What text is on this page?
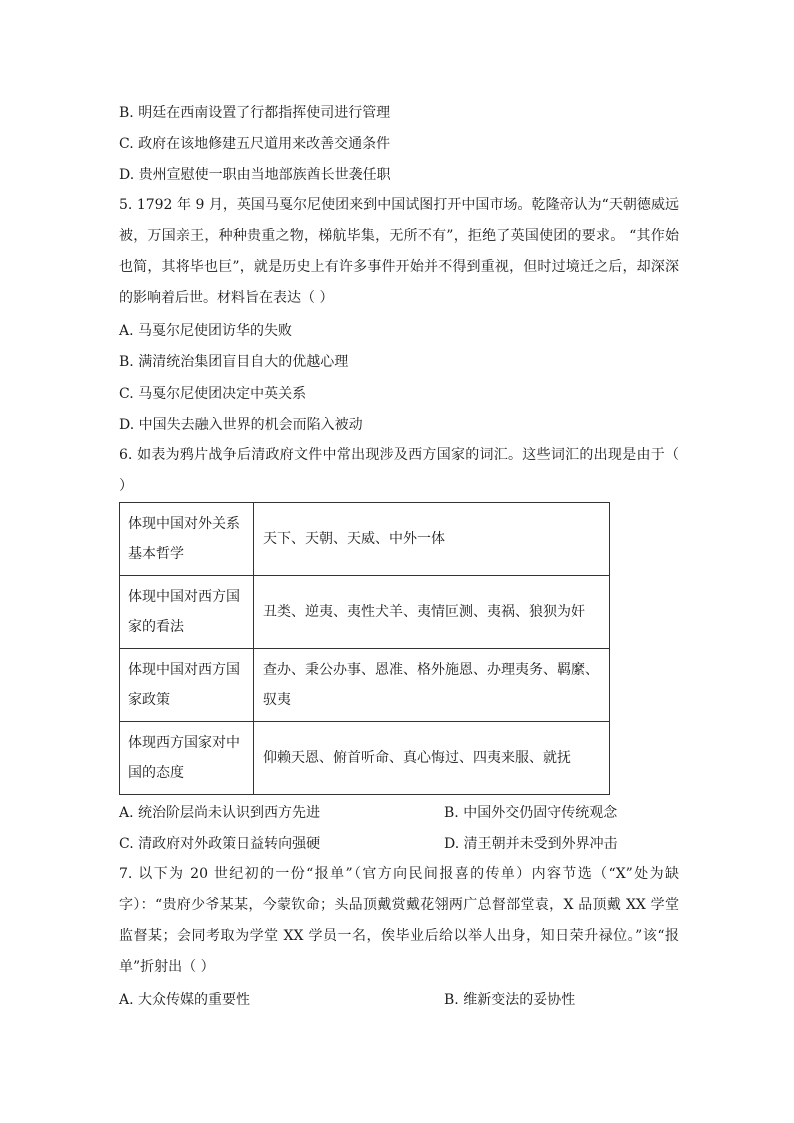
B. 明廷在西南设置了行都指挥使司进行管理
C. 政府在该地修建五尺道用来改善交通条件
D. 贵州宣慰使一职由当地部族酋长世袭任职
5. 1792 年 9 月，英国马戛尔尼使团来到中国试图打开中国市场。乾隆帝认为“天朝德威远被，万国亲王，种种贵重之物，梯航毕集，无所不有”，拒绝了英国使团的要求。 “其作始也简，其将毕也巨”，就是历史上有许多事件开始并不得到重视，但时过境迁之后，却深深的影响着后世。材料旨在表达（ ）
A. 马戛尔尼使团访华的失败
B. 满清统治集团盲目自大的优越心理
C. 马戛尔尼使团决定中英关系
D. 中国失去融入世界的机会而陷入被动
6. 如表为鸦片战争后清政府文件中常出现涉及西方国家的词汇。这些词汇的出现是由于（ ）
体现中国对外关系基本哲学	天下、天朝、天威、中外一体
体现中国对西方国家的看法	丑类、逆夷、夷性犬羊、夷情叵测、夷祸、狼狈为奸
体现中国对西方国家政策	查办、秉公办事、恩准、格外施恩、办理夷务、羁縻、驭夷
体现西方国家对中国的态度	仰赖天恩、俯首听命、真心悔过、四夷来服、就抚
A. 统治阶层尚未认识到西方先进	B. 中国外交仍固守传统观念
C. 清政府对外政策日益转向强硬	D. 清王朝并未受到外界冲击
7. 以下为 20 世纪初的一份“报单”（官方向民间报喜的传单）内容节选（“X”处为缺字）：“贵府少爷某某，今蒙钦命；头品顶戴赏戴花翎两广总督部堂袁，X 品顶戴 XX 学堂监督某；会同考取为学堂 XX 学员一名，俟毕业后给以举人出身，知日荣升禄位。”该“报单”折射出（ ）
A. 大众传媒的重要性	B. 维新变法的妥协性
